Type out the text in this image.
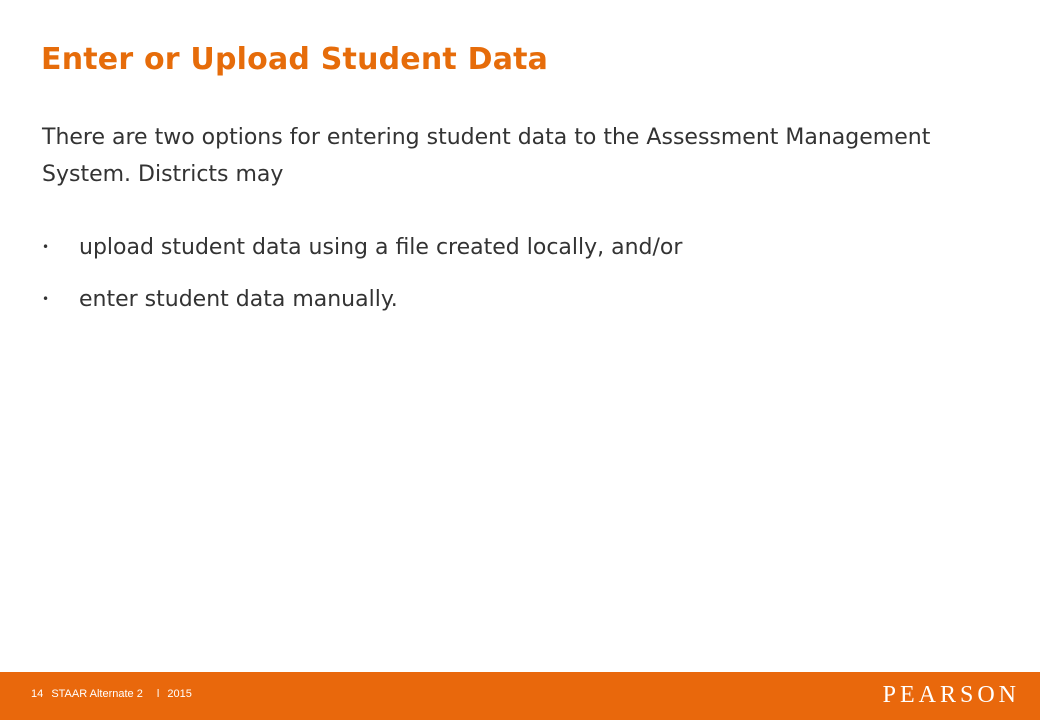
Enter or Upload Student Data

There are two options for entering student data to the Assessment Management System. Districts may

• upload student data using a file created locally, and/or
• enter student data manually.
14 STAAR Alternate 2 l 2015	PEARSON
